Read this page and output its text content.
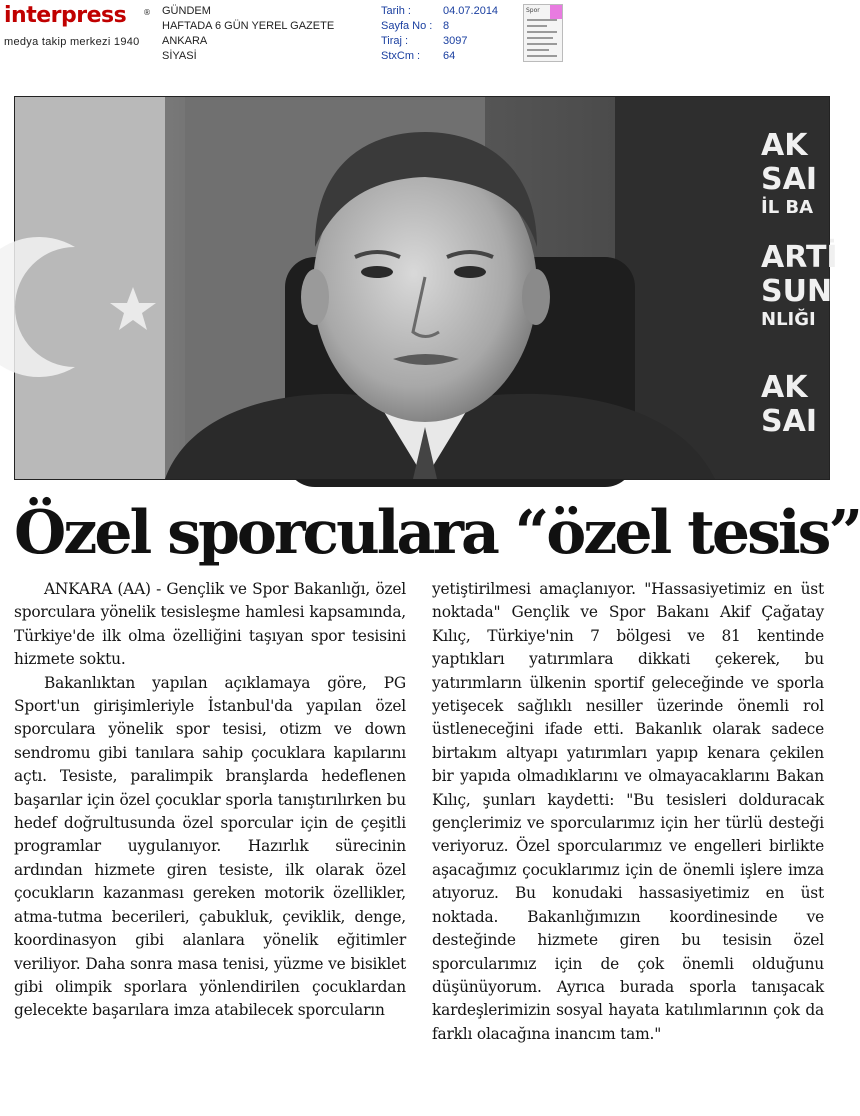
interpress	®
medya takip merkezi 1940
GÜNDEM
HAFTADA 6 GÜN YEREL GAZETE
ANKARA
SİYASİ
Tarih :	04.07.2014
Sayfa No : 8
Tiraj :	3097
StxCm : 64
Spor
AK
SAI
İL BA
ARTİ
SUN
NLIĞI
AK
SAI
Özel sporculara “özel tesis”

ANKARA (AA) - Gençlik ve Spor Bakanlığı, özel sporculara yönelik tesisleşme hamlesi kapsamında, Türkiye'de ilk olma özelliğini taşıyan spor tesisini hizmete soktu.

Bakanlıktan yapılan açıklamaya göre, PG Sport'un girişimleriyle İstanbul'da yapılan özel sporculara yönelik spor tesisi, otizm ve down sendromu gibi tanılara sahip çocuklara kapılarını açtı. Tesiste, paralimpik branşlarda hedeflenen başarılar için özel çocuklar sporla tanıştırılırken bu hedef doğrultusunda özel sporcular için de çeşitli programlar uygulanıyor. Hazırlık sürecinin ardından hizmete giren tesiste, ilk olarak özel çocukların kazanması gereken motorik özellikler, atma-tutma becerileri, çabukluk, çeviklik, denge, koordinasyon gibi alanlara yönelik eğitimler veriliyor. Daha sonra masa tenisi, yüzme ve bisiklet gibi olimpik sporlara yönlendirilen çocuklardan gelecekte başarılara imza atabilecek sporcuların

yetiştirilmesi amaçlanıyor. "Hassasiyetimiz en üst noktada" Gençlik ve Spor Bakanı Akif Çağatay Kılıç, Türkiye'nin 7 bölgesi ve 81 kentinde yaptıkları yatırımlara dikkati çekerek, bu yatırımların ülkenin sportif geleceğinde ve sporla yetişecek sağlıklı nesiller üzerinde önemli rol üstleneceğini ifade etti. Bakanlık olarak sadece birtakım altyapı yatırımları yapıp kenara çekilen bir yapıda olmadıklarını ve olmayacaklarını Bakan Kılıç, şunları kaydetti: "Bu tesisleri dolduracak gençlerimiz ve sporcularımız için her türlü desteği veriyoruz. Özel sporcularımız ve engelleri birlikte aşacağımız çocuklarımız için de önemli işlere imza atıyoruz. Bu konudaki hassasiyetimiz en üst noktada. Bakanlığımızın koordinesinde ve desteğinde hizmete giren bu tesisin özel sporcularımız için de çok önemli olduğunu düşünüyorum. Ayrıca burada sporla tanışacak kardeşlerimizin sosyal hayata katılımlarının çok da farklı olacağına inancım tam."
